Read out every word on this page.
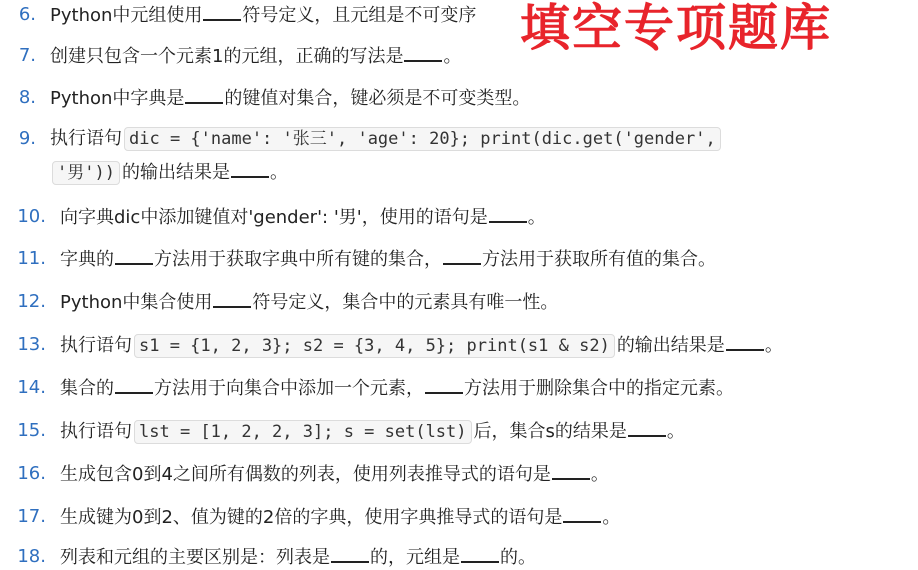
6. Python中元组使用 符号定义，且元组是不可变序
7. 创建只包含一个元素1的元组，正确的写法是 。
8. Python中字典是 的键值对集合，键必须是不可变类型。
9. 执行语句 dic = {'name': '张三', 'age': 20}; print(dic.get('gender',
'男')) 的输出结果是 。
10. 向字典dic中添加键值对'gender': '男'，使用的语句是 。
11. 字典的 方法用于获取字典中所有键的集合， 方法用于获取所有值的集合。
12. Python中集合使用 符号定义，集合中的元素具有唯一性。
13. 执行语句 s1 = {1, 2, 3}; s2 = {3, 4, 5}; print(s1 & s2) 的输出结果是 。
14. 集合的 方法用于向集合中添加一个元素， 方法用于删除集合中的指定元素。
15. 执行语句 lst = [1, 2, 2, 3]; s = set(lst) 后，集合s的结果是 。
16. 生成包含0到4之间所有偶数的列表，使用列表推导式的语句是 。
17. 生成键为0到2、值为键的2倍的字典，使用字典推导式的语句是 。
18. 列表和元组的主要区别是：列表是 的，元组是 的。
填空专项题库
